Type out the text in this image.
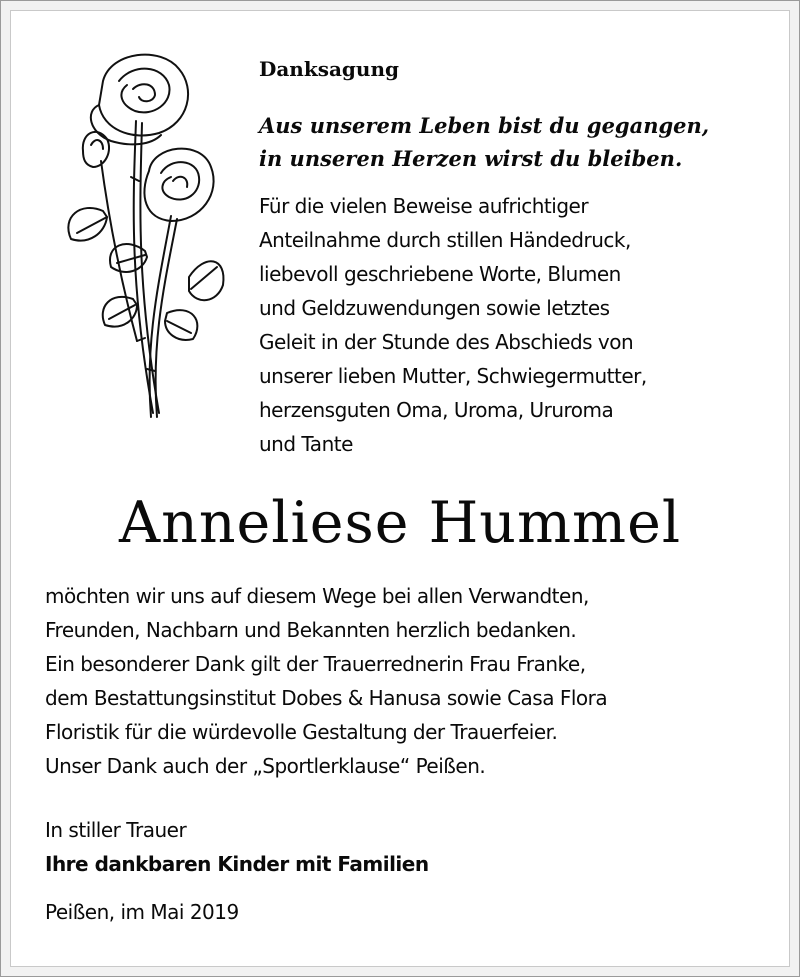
Danksagung

Aus unserem Leben bist du gegangen,
in unseren Herzen wirst du bleiben.

Für die vielen Beweise aufrichtiger
Anteilnahme durch stillen Händedruck,
liebevoll geschriebene Worte, Blumen
und Geldzuwendungen sowie letztes
Geleit in der Stunde des Abschieds von
unserer lieben Mutter, Schwiegermutter,
herzensguten Oma, Uroma, Ururoma
und Tante

Anneliese Hummel

möchten wir uns auf diesem Wege bei allen Verwandten,
Freunden, Nachbarn und Bekannten herzlich bedanken.
Ein besonderer Dank gilt der Trauerrednerin Frau Franke,
dem Bestattungsinstitut Dobes & Hanusa sowie Casa Flora
Floristik für die würdevolle Gestaltung der Trauerfeier.
Unser Dank auch der „Sportlerklause“ Peißen.

In stiller Trauer
Ihre dankbaren Kinder mit Familien
Peißen, im Mai 2019
